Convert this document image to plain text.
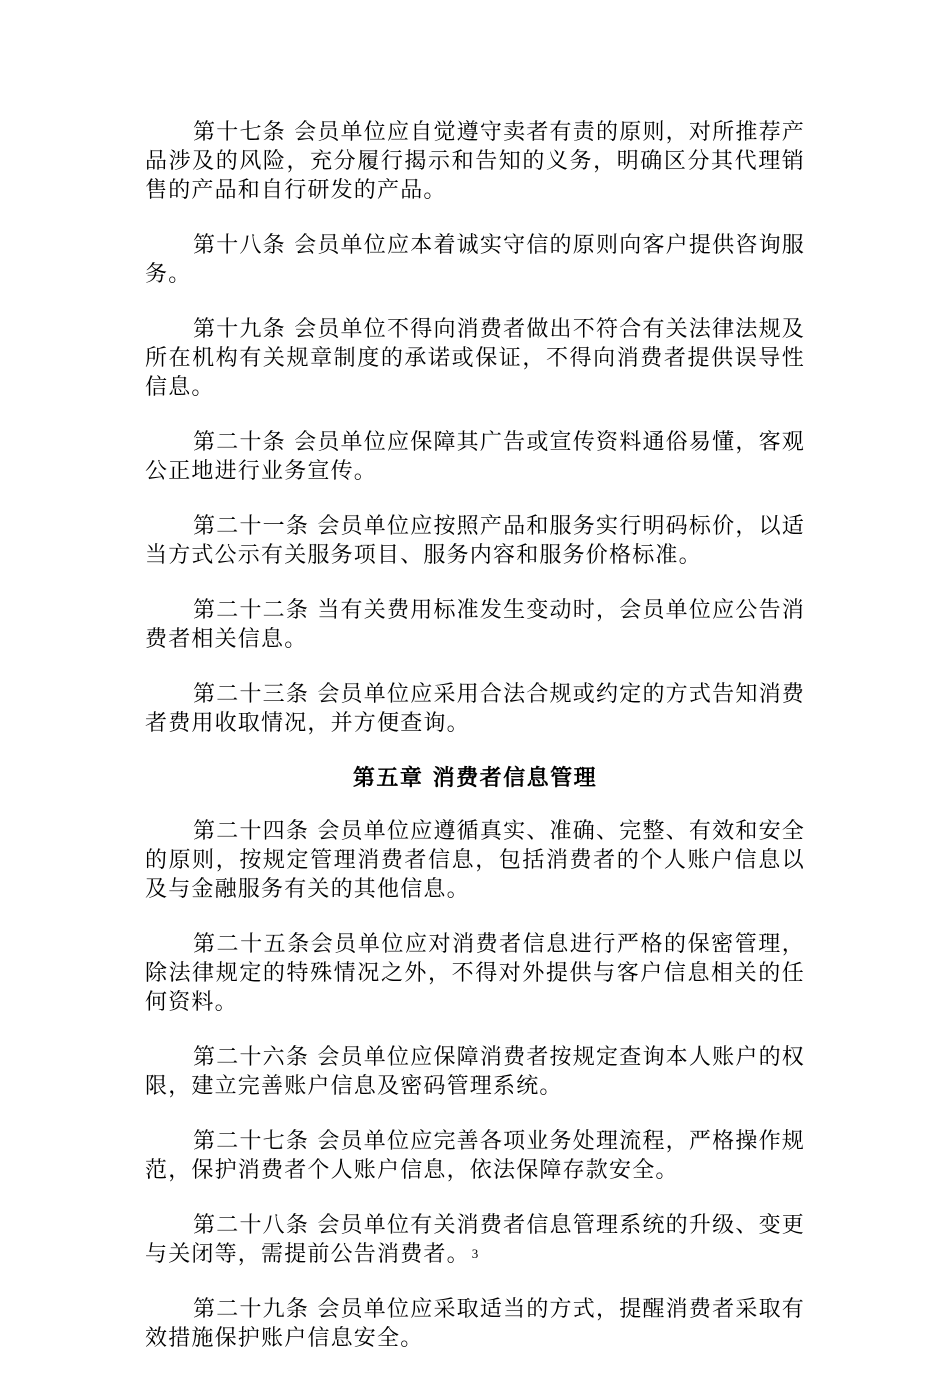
第十七条 会员单位应自觉遵守卖者有责的原则，对所推荐产品涉及的风险，充分履行揭示和告知的义务，明确区分其代理销售的产品和自行研发的产品。

第十八条 会员单位应本着诚实守信的原则向客户提供咨询服务。

第十九条 会员单位不得向消费者做出不符合有关法律法规及所在机构有关规章制度的承诺或保证，不得向消费者提供误导性信息。

第二十条 会员单位应保障其广告或宣传资料通俗易懂，客观公正地进行业务宣传。

第二十一条 会员单位应按照产品和服务实行明码标价，以适当方式公示有关服务项目、服务内容和服务价格标准。

第二十二条 当有关费用标准发生变动时，会员单位应公告消费者相关信息。

第二十三条 会员单位应采用合法合规或约定的方式告知消费者费用收取情况，并方便查询。

第五章 消费者信息管理

第二十四条 会员单位应遵循真实、准确、完整、有效和安全的原则，按规定管理消费者信息，包括消费者的个人账户信息以及与金融服务有关的其他信息。

第二十五条会员单位应对消费者信息进行严格的保密管理，除法律规定的特殊情况之外，不得对外提供与客户信息相关的任何资料。

第二十六条 会员单位应保障消费者按规定查询本人账户的权限，建立完善账户信息及密码管理系统。

第二十七条 会员单位应完善各项业务处理流程，严格操作规范，保护消费者个人账户信息，依法保障存款安全。

第二十八条 会员单位有关消费者信息管理系统的升级、变更与关闭等，需提前公告消费者。

第二十九条 会员单位应采取适当的方式，提醒消费者采取有效措施保护账户信息安全。

3
